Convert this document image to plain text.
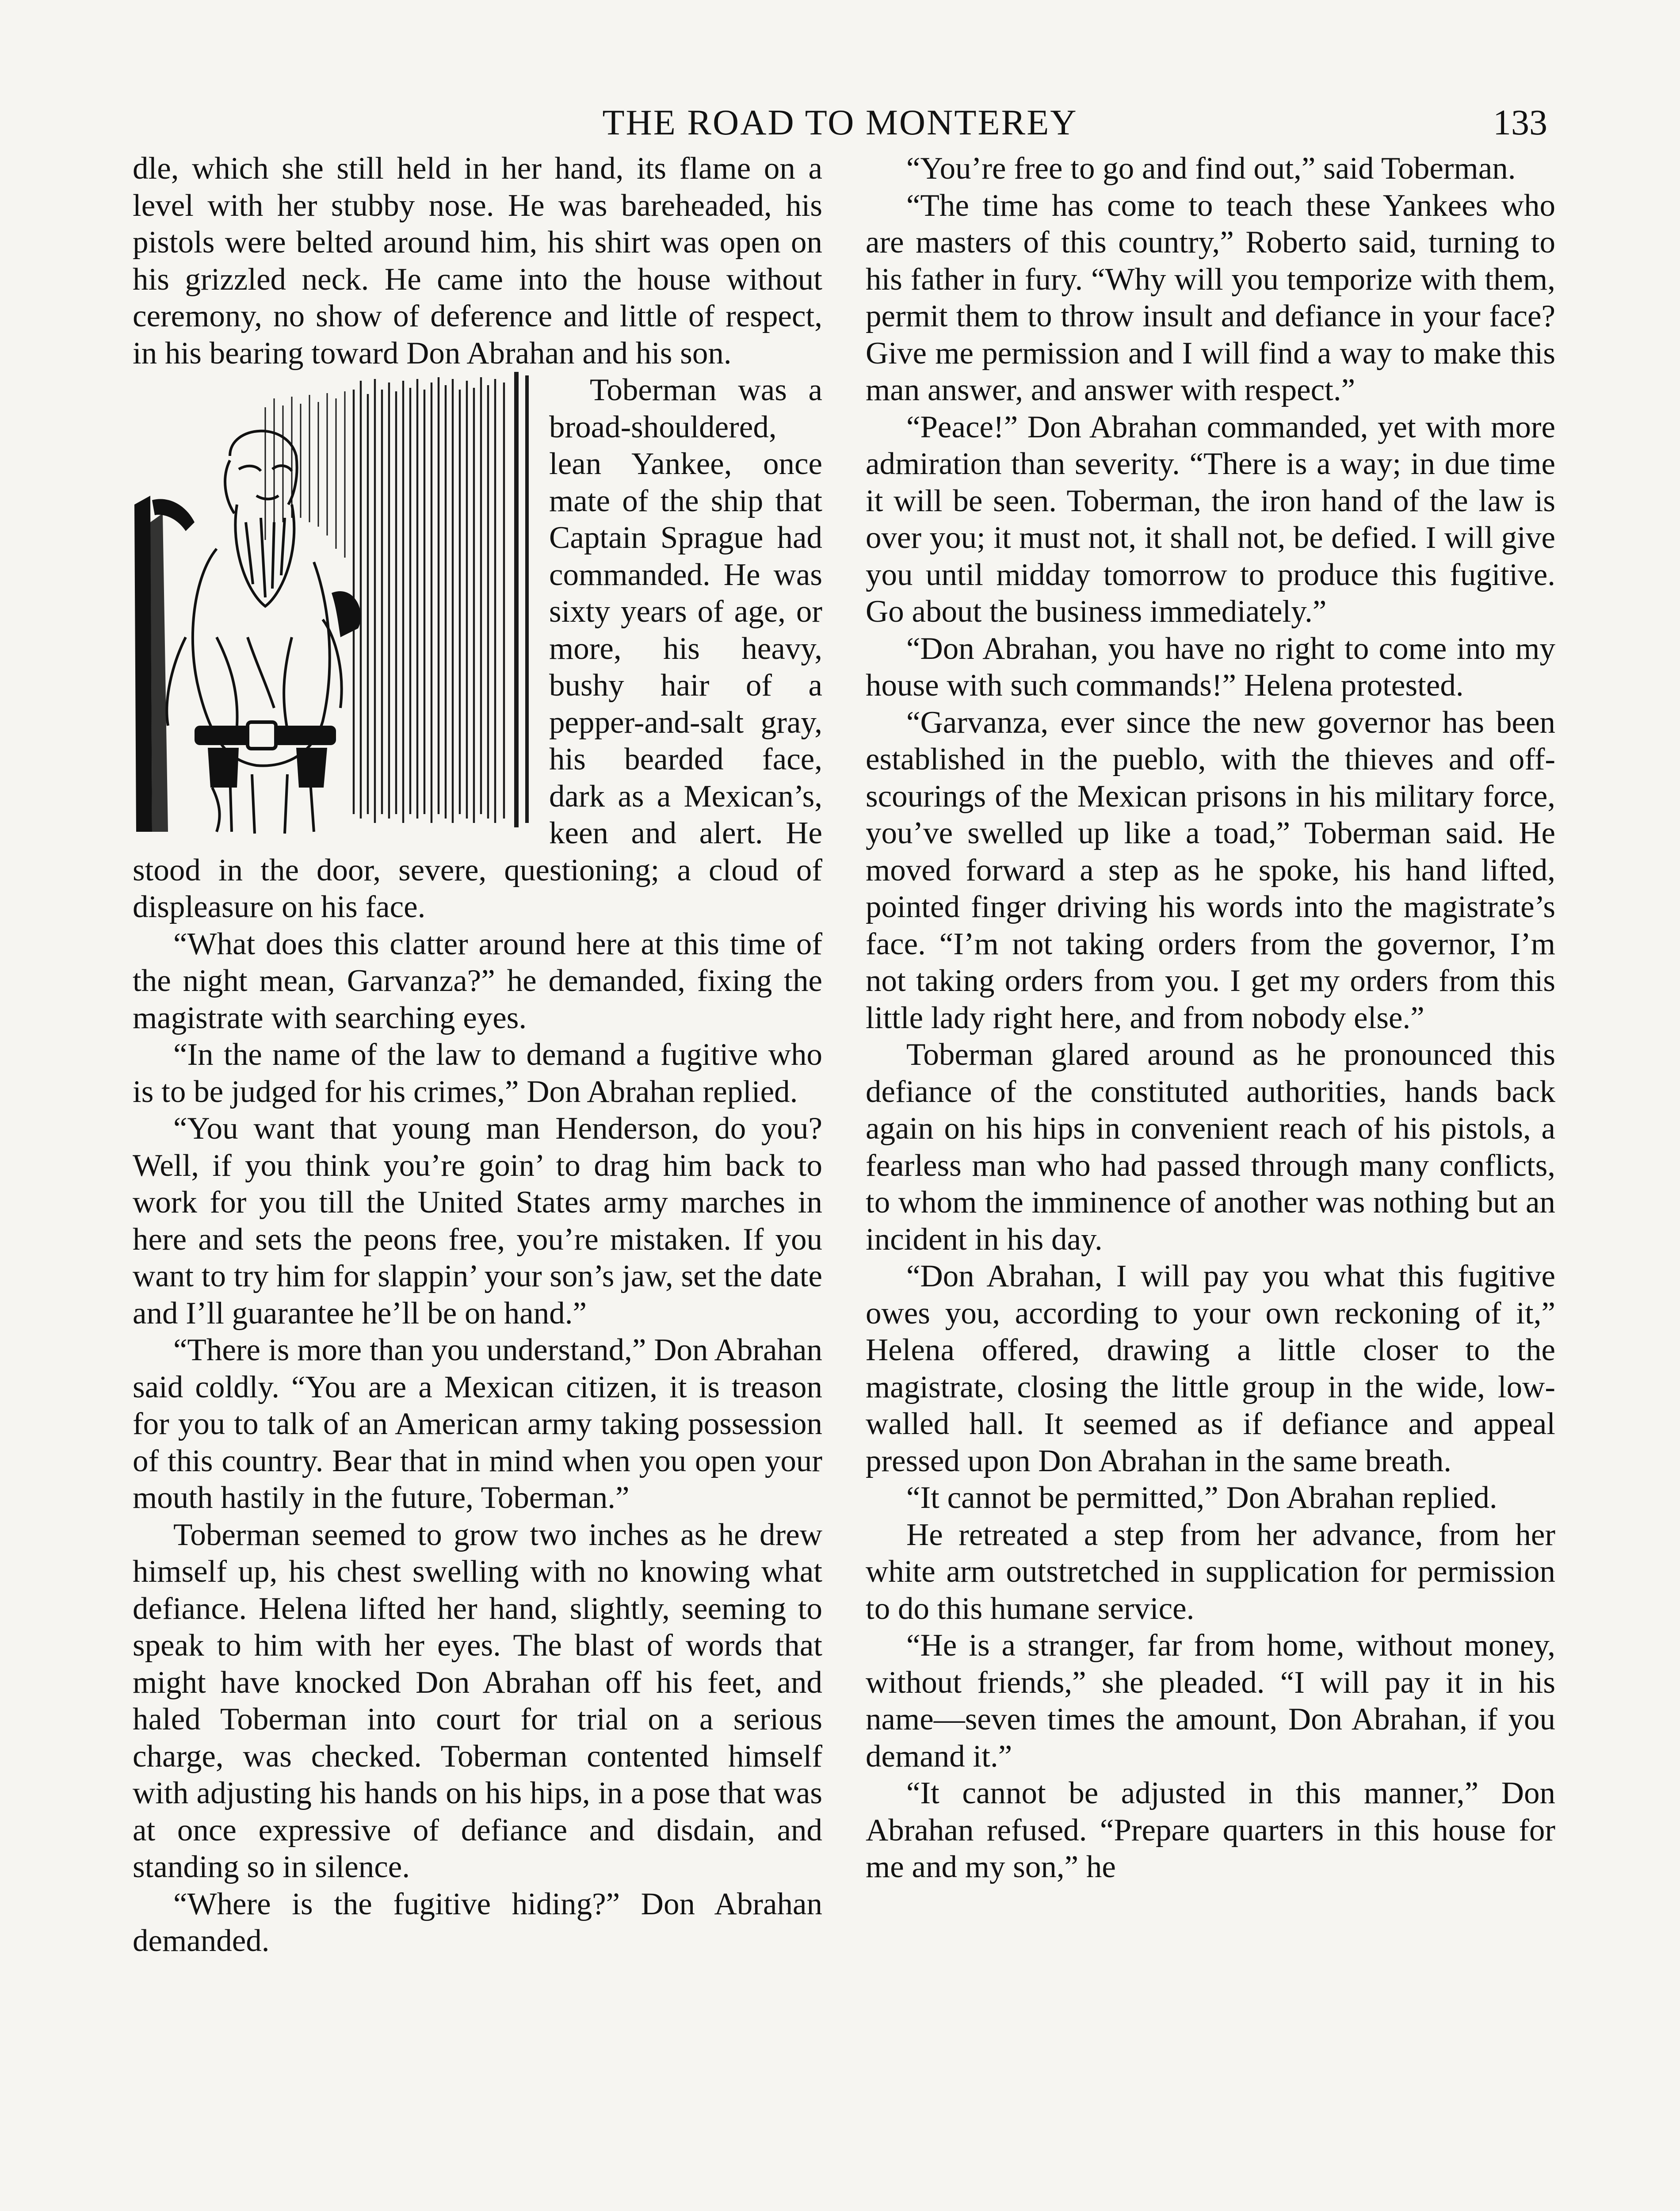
THE ROAD TO MONTEREY	133

dle, which she still held in her hand, its flame on a level with her stubby nose. He was bareheaded, his pistols were belted around him, his shirt was open on his grizzled neck. He came into the house without ceremony, no show of deference and little of respect, in his bearing toward Don Abrahan and his son.

Toberman was a broad-shouldered, lean Yankee, once mate of the ship that Captain Sprague had commanded. He was sixty years of age, or more, his heavy, bushy hair of a pepper-and-salt gray, his bearded face, dark as a Mexican’s, keen and alert. He stood in the door, severe, questioning; a cloud of displeasure on his face.

“What does this clatter around here at this time of the night mean, Garvanza?” he demanded, fixing the magistrate with searching eyes.

“In the name of the law to demand a fugitive who is to be judged for his crimes,” Don Abrahan replied.

“You want that young man Henderson, do you? Well, if you think you’re goin’ to drag him back to work for you till the United States army marches in here and sets the peons free, you’re mistaken. If you want to try him for slappin’ your son’s jaw, set the date and I’ll guarantee he’ll be on hand.”

“There is more than you understand,” Don Abrahan said coldly. “You are a Mexican citizen, it is treason for you to talk of an American army taking possession of this country. Bear that in mind when you open your mouth hastily in the future, Toberman.”

Toberman seemed to grow two inches as he drew himself up, his chest swelling with no knowing what defiance. Helena lifted her hand, slightly, seeming to speak to him with her eyes. The blast of words that might have knocked Don Abrahan off his feet, and haled Toberman into court for trial on a serious charge, was checked. Toberman contented himself with adjusting his hands on his hips, in a pose that was at once expressive of defiance and disdain, and standing so in silence.

“Where is the fugitive hiding?” Don Abrahan demanded.

“You’re free to go and find out,” said Toberman.

“The time has come to teach these Yankees who are masters of this country,” Roberto said, turning to his father in fury. “Why will you temporize with them, permit them to throw insult and defiance in your face? Give me permission and I will find a way to make this man answer, and answer with respect.”

“Peace!” Don Abrahan commanded, yet with more admiration than severity. “There is a way; in due time it will be seen. Toberman, the iron hand of the law is over you; it must not, it shall not, be defied. I will give you until midday tomorrow to produce this fugitive. Go about the business immediately.”

“Don Abrahan, you have no right to come into my house with such commands!” Helena protested.

“Garvanza, ever since the new governor has been established in the pueblo, with the thieves and off-scourings of the Mexican prisons in his military force, you’ve swelled up like a toad,” Toberman said. He moved forward a step as he spoke, his hand lifted, pointed finger driving his words into the magistrate’s face. “I’m not taking orders from the governor, I’m not taking orders from you. I get my orders from this little lady right here, and from nobody else.”

Toberman glared around as he pronounced this defiance of the constituted authorities, hands back again on his hips in convenient reach of his pistols, a fearless man who had passed through many conflicts, to whom the imminence of another was nothing but an incident in his day.

“Don Abrahan, I will pay you what this fugitive owes you, according to your own reckoning of it,” Helena offered, drawing a little closer to the magistrate, closing the little group in the wide, low-walled hall. It seemed as if defiance and appeal pressed upon Don Abrahan in the same breath.

“It cannot be permitted,” Don Abrahan replied.

He retreated a step from her advance, from her white arm outstretched in supplication for permission to do this humane service.

“He is a stranger, far from home, without money, without friends,” she pleaded. “I will pay it in his name—seven times the amount, Don Abrahan, if you demand it.”

“It cannot be adjusted in this manner,” Don Abrahan refused. “Prepare quarters in this house for me and my son,” he
